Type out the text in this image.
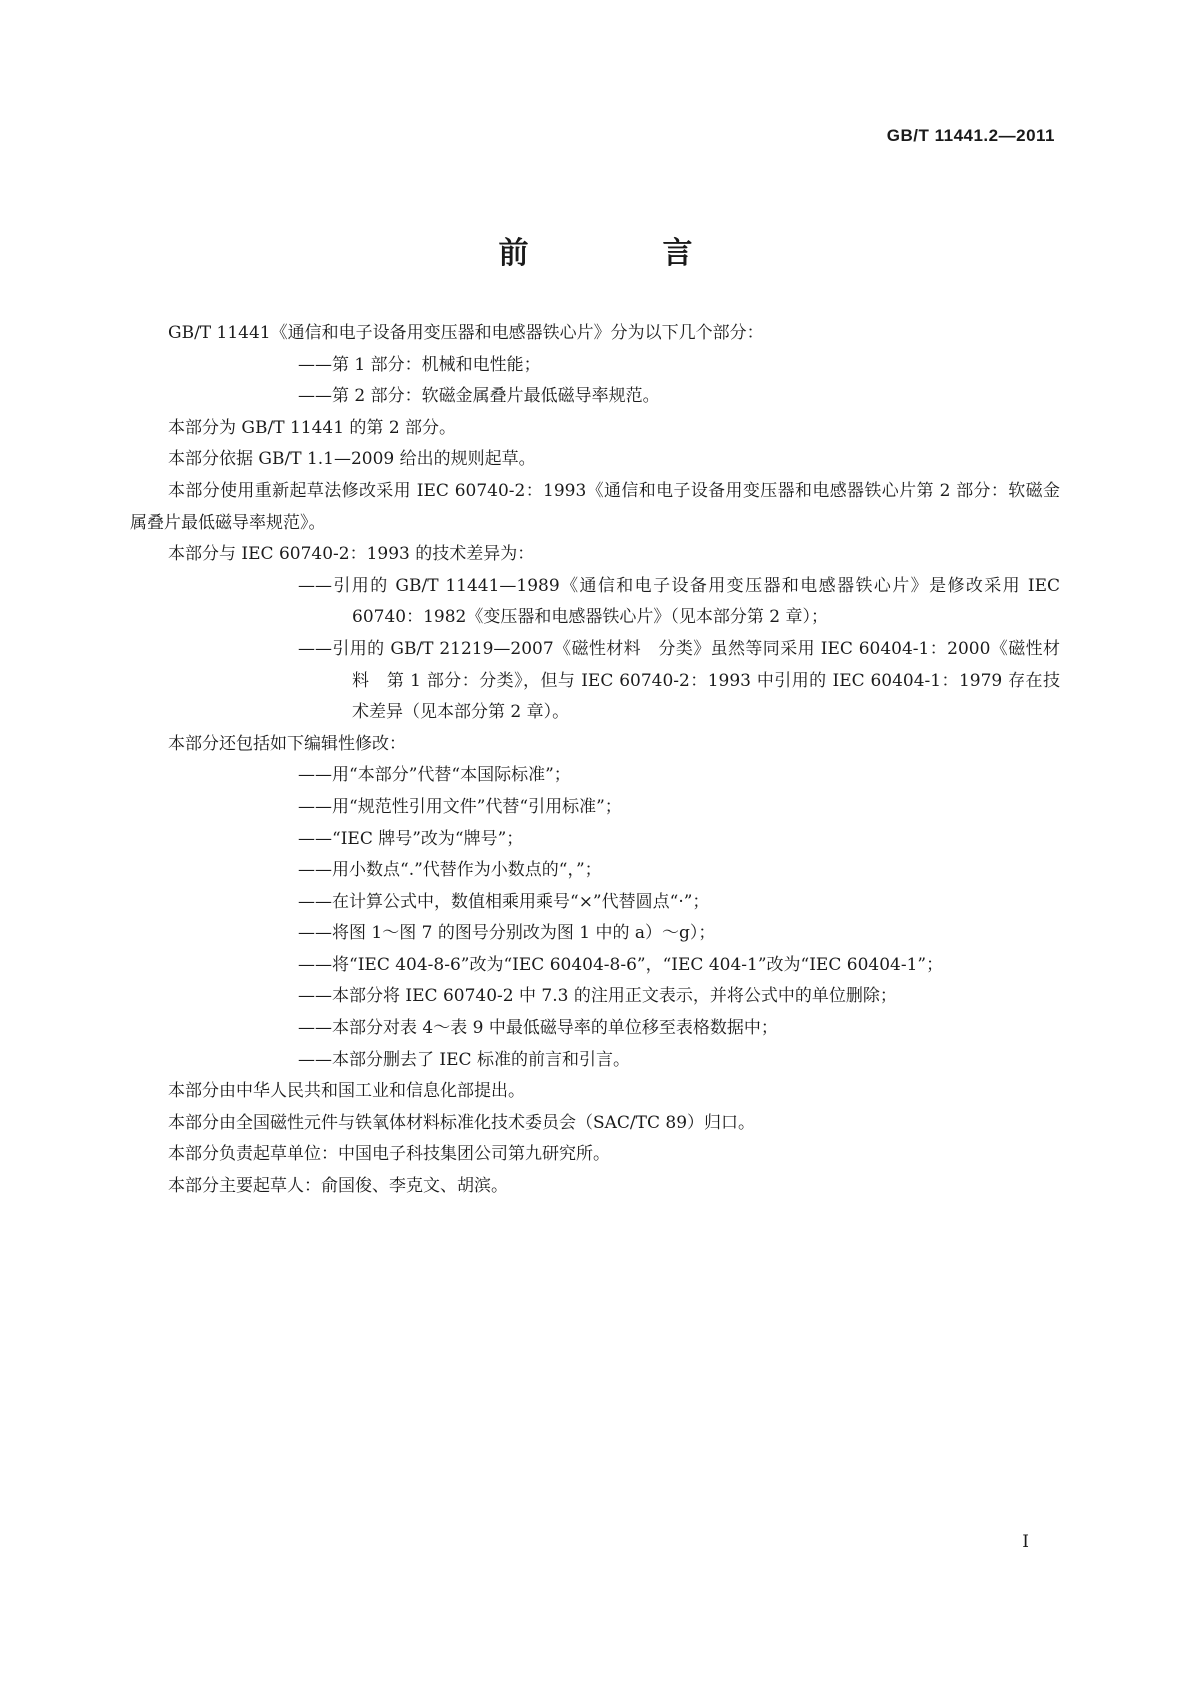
GB/T 11441.2—2011
前　言
GB/T 11441《通信和电子设备用变压器和电感器铁心片》分为以下几个部分：
——第 1 部分：机械和电性能；
——第 2 部分：软磁金属叠片最低磁导率规范。
本部分为 GB/T 11441 的第 2 部分。
本部分依据 GB/T 1.1—2009 给出的规则起草。
本部分使用重新起草法修改采用 IEC 60740-2：1993《通信和电子设备用变压器和电感器铁心片第 2 部分：软磁金属叠片最低磁导率规范》。
本部分与 IEC 60740-2：1993 的技术差异为：
——引用的 GB/T 11441—1989《通信和电子设备用变压器和电感器铁心片》是修改采用 IEC 60740：1982《变压器和电感器铁心片》（见本部分第 2 章）；
——引用的 GB/T 21219—2007《磁性材料　分类》虽然等同采用 IEC 60404-1：2000《磁性材料　第 1 部分：分类》，但与 IEC 60740-2：1993 中引用的 IEC 60404-1：1979 存在技术差异（见本部分第 2 章）。
本部分还包括如下编辑性修改：
——用“本部分”代替“本国际标准”；
——用“规范性引用文件”代替“引用标准”；
——“IEC 牌号”改为“牌号”；
——用小数点“.”代替作为小数点的“，”；
——在计算公式中，数值相乘用乘号“×”代替圆点“·”；
——将图 1～图 7 的图号分别改为图 1 中的 a）～g）；
——将“IEC 404-8-6”改为“IEC 60404-8-6”，“IEC 404-1”改为“IEC 60404-1”；
——本部分将 IEC 60740-2 中 7.3 的注用正文表示，并将公式中的单位删除；
——本部分对表 4～表 9 中最低磁导率的单位移至表格数据中；
——本部分删去了 IEC 标准的前言和引言。
本部分由中华人民共和国工业和信息化部提出。
本部分由全国磁性元件与铁氧体材料标准化技术委员会（SAC/TC 89）归口。
本部分负责起草单位：中国电子科技集团公司第九研究所。
本部分主要起草人：俞国俊、李克文、胡滨。
I
